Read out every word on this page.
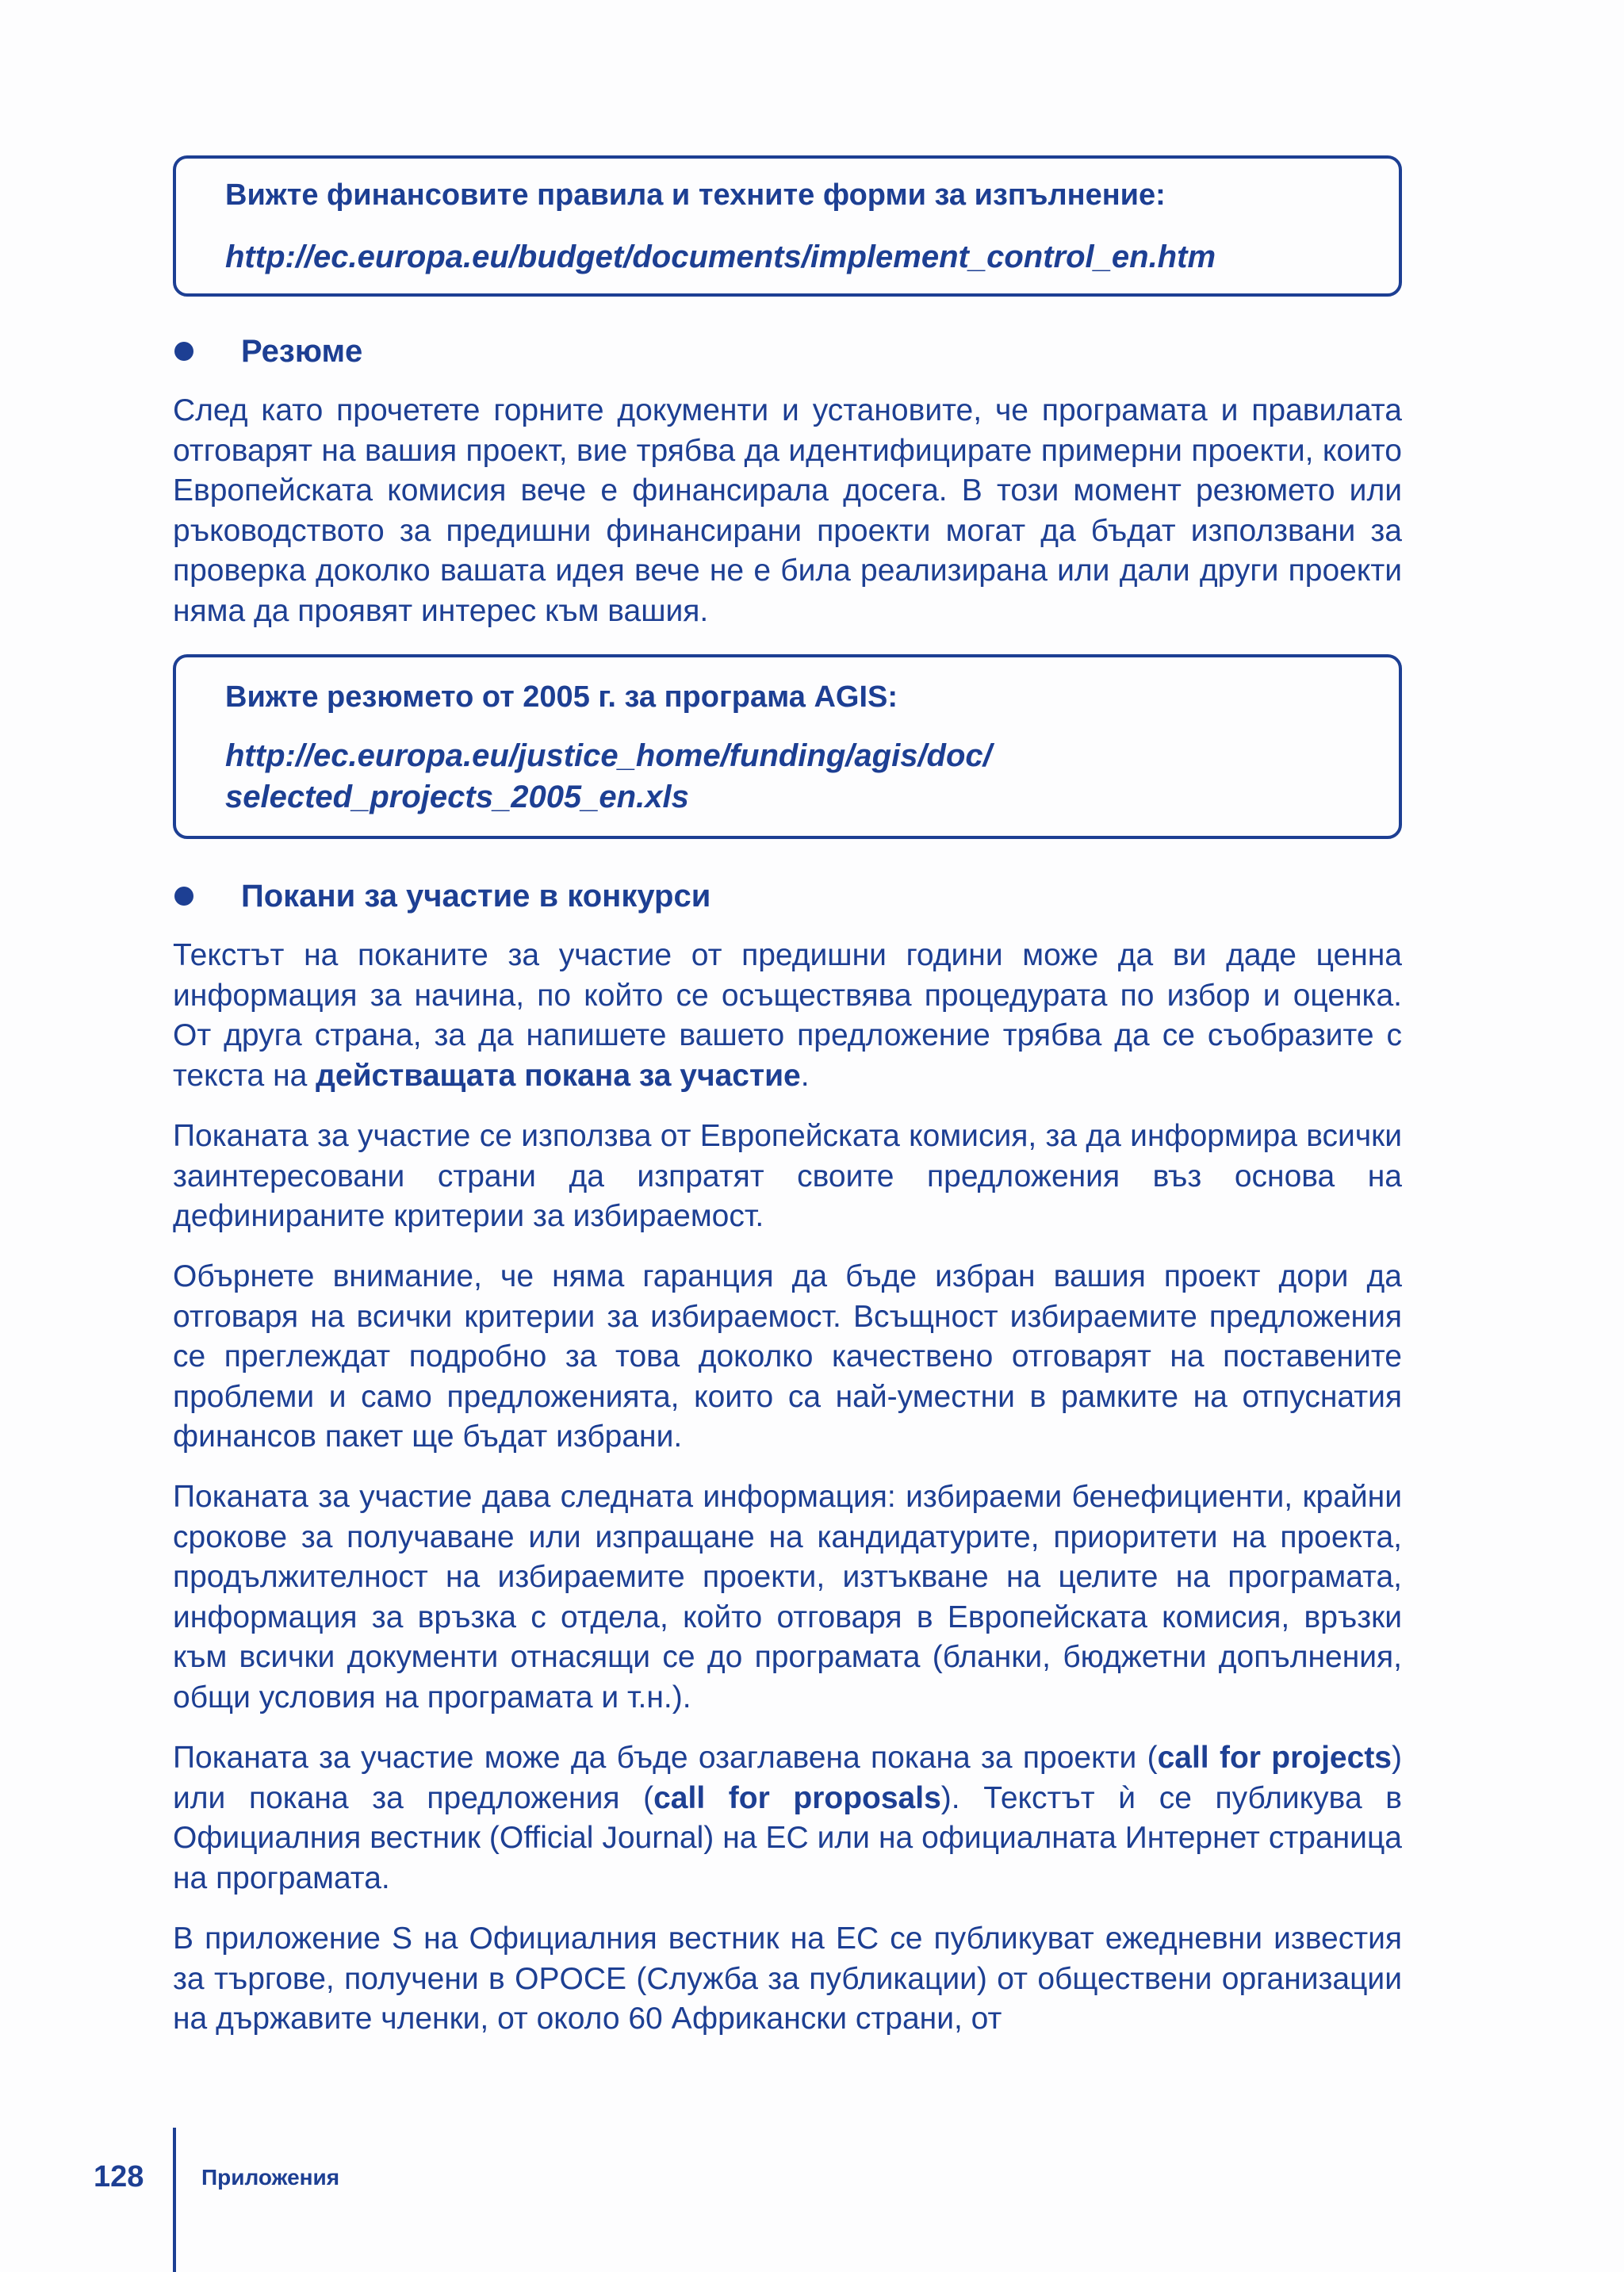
Вижте финансовите правила и техните форми за изпълнение:
http://ec.europa.eu/budget/documents/implement_control_en.htm
Резюме
След като прочетете горните документи и установите, че програмата и правилата отговарят на вашия проект, вие трябва да идентифицирате примерни проекти, които Европейската комисия вече е финансирала досега. В този момент резюмето или ръководството за предишни финансирани проекти могат да бъдат използвани за проверка доколко вашата идея вече не е била реализирана или дали други проекти няма да проявят интерес към вашия.
Вижте резюмето от 2005 г. за програма AGIS:
http://ec.europa.eu/justice_home/funding/agis/doc/
selected_projects_2005_en.xls
Покани за участие в конкурси
Текстът на поканите за участие от предишни години може да ви даде ценна информация за начина, по който се осъществява процедурата по избор и оценка. От друга страна, за да напишете вашето предложение трябва да се съобразите с текста на действащата покана за участие.
Поканата за участие се използва от Европейската комисия, за да информира всички заинтересовани страни да изпратят своите предложения въз основа на дефинираните критерии за избираемост.
Обърнете внимание, че няма гаранция да бъде избран вашия проект дори да отговаря на всички критерии за избираемост. Всъщност избираемите предложения се преглеждат подробно за това доколко качествено отговарят на поставените проблеми и само предложенията, които са най-уместни в рамките на отпуснатия финансов пакет ще бъдат избрани.
Поканата за участие дава следната информация: избираеми бенефициенти, крайни срокове за получаване или изпращане на кандидатурите, приоритети на проекта, продължителност на избираемите проекти, изтъкване на целите на програмата, информация за връзка с отдела, който отговаря в Европейската комисия, връзки към всички документи отнасящи се до програмата (бланки, бюджетни допълнения, общи условия на програмата и т.н.).
Поканата за участие може да бъде озаглавена покана за проекти (call for projects) или покана за предложения (call for proposals). Текстът ѝ се публикува в Официалния вестник (Official Journal) на ЕС или на официалната Интернет страница на програмата.
В приложение S на Официалния вестник на ЕС се публикуват ежедневни известия за търгове, получени в OPOCE (Служба за публикации) от обществени организации на държавите членки, от около 60 Африкански страни, от
128	Приложения
